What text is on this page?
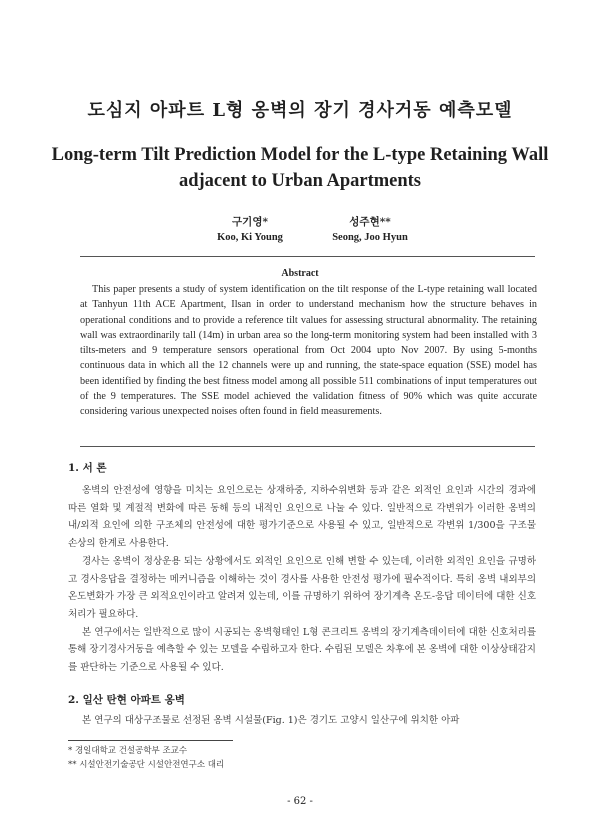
도심지 아파트 L형 옹벽의 장기 경사거동 예측모델
Long-term Tilt Prediction Model for the L-type Retaining Wall adjacent to Urban Apartments
구기영*
Koo, Ki Young
성주현**
Seong, Joo Hyun
Abstract

This paper presents a study of system identification on the tilt response of the L-type retaining wall located at Tanhyun 11th ACE Apartment, Ilsan in order to understand mechanism how the structure behaves in operational conditions and to provide a reference tilt values for assessing structural abnormality. The retaining wall was extraordinarily tall (14m) in urban area so the long-term monitoring system had been installed with 3 tilts-meters and 9 temperature sensors operational from Oct 2004 upto Nov 2007. By using 5-months continuous data in which all the 12 channels were up and running, the state-space equation (SSE) model has been identified by finding the best fitness model among all possible 511 combinations of input temperatures out of the 9 temperatures. The SSE model achieved the validation fitness of 90% which was quite accurate considering various unexpected noises often found in field measurements.

1. 서 론

옹벽의 안전성에 영향을 미치는 요인으로는 상재하중, 지하수위변화 등과 같은 외적인 요인과 시간의 경과에 따른 열화 및 계절적 변화에 따른 동해 등의 내적인 요인으로 나눌 수 있다. 일반적으로 각변위가 이러한 옹벽의 내/외적 요인에 의한 구조체의 안전성에 대한 평가기준으로 사용될 수 있고, 일반적으로 각변위 1/300을 구조물 손상의 한계로 사용한다.

경사는 옹벽이 정상운용 되는 상황에서도 외적인 요인으로 인해 변할 수 있는데, 이러한 외적인 요인을 규명하고 경사응답을 결정하는 메커니즘을 이해하는 것이 경사를 사용한 안전성 평가에 필수적이다. 특히 옹벽 내외부의 온도변화가 가장 큰 외적요인이라고 알려져 있는데, 이를 규명하기 위하여 장기계측 온도-응답 데이터에 대한 신호처리가 필요하다.

본 연구에서는 일반적으로 많이 시공되는 옹벽형태인 L형 콘크리트 옹벽의 장기계측데이터에 대한 신호처리를 통해 장기경사거동을 예측할 수 있는 모델을 수립하고자 한다. 수립된 모델은 차후에 본 옹벽에 대한 이상상태감지를 판단하는 기준으로 사용될 수 있다.

2. 일산 탄현 아파트 옹벽

본 연구의 대상구조물로 선정된 옹벽 시설물(Fig. 1)은 경기도 고양시 일산구에 위치한 아파

* 경일대학교 건설공학부 조교수
** 시설안전기술공단 시설안전연구소 대리
- 62 -
